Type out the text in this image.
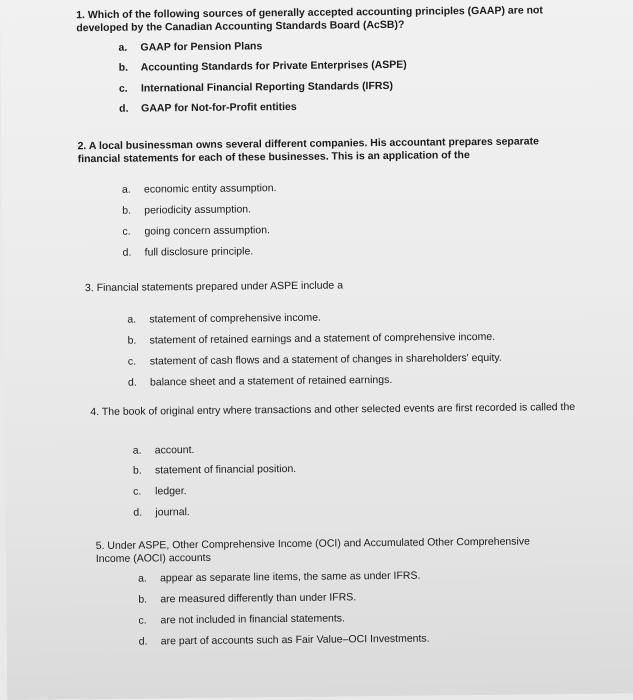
1. Which of the following sources of generally accepted accounting principles (GAAP) are not developed by the Canadian Accounting Standards Board (AcSB)?
a. GAAP for Pension Plans
b. Accounting Standards for Private Enterprises (ASPE)
c. International Financial Reporting Standards (IFRS)
d. GAAP for Not-for-Profit entities
2. A local businessman owns several different companies. His accountant prepares separate financial statements for each of these businesses. This is an application of the
a. economic entity assumption.
b. periodicity assumption.
c. going concern assumption.
d. full disclosure principle.
3. Financial statements prepared under ASPE include a
a. statement of comprehensive income.
b. statement of retained earnings and a statement of comprehensive income.
c. statement of cash flows and a statement of changes in shareholders' equity.
d. balance sheet and a statement of retained earnings.
4. The book of original entry where transactions and other selected events are first recorded is called the
a. account.
b. statement of financial position.
c. ledger.
d. journal.
5. Under ASPE, Other Comprehensive Income (OCI) and Accumulated Other Comprehensive Income (AOCI) accounts
a. appear as separate line items, the same as under IFRS.
b. are measured differently than under IFRS.
c. are not included in financial statements.
d. are part of accounts such as Fair Value–OCI Investments.
